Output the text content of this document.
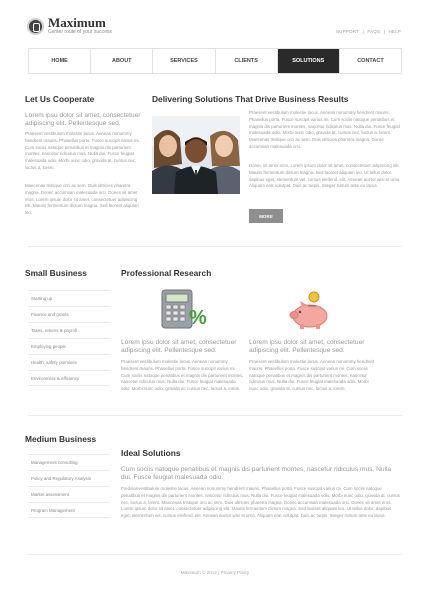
Maximum
Center route of your success	SUPPORT | FAQS | HELP
HOME	ABOUT	SERVICES	CLIENTS	SOLUTIONS	CONTACT
Let Us Cooperate
Lorem ipsu dolor sit amet, consectetuer adipiscing elit. Pellentesque sed.
Praesent vestibulum molestie lacus. Aenean nonummy hendrerit mauris. Phasellus porta. Fusce suscipit varius mi. Cum sociis natoque penatibus et magnis dis parturient montes, nascetur ridiculus mus. Nulla dui. Fusce feugiat malesuada odio. Morbi nunc odio, gravida at, cursus nec, luctus a, lorem.
Maecenas tristique orci ac sem. Duis ultricies pharetra magna. Donec accumsan malesuada orci. Donec sit amet eros. Lorem ipsum dolor sit amet, consectetuer adipiscing elit. Mauris fermentum dictum magna. Sed laoreet aliquam leo.
Delivering Solutions That Drive Business Results
Praesent vestibulum molestie lacus. Aenean nonummy hendrerit mauris. Phasellus porta. Fusce suscipit varius mi. Cum sociis natoque penatibus et magnis dis parturient montes, nascetur ridiculus mus. Nulla dui. Fusce feugiat malesuada odio. Morbi nunc odio, gravida at, cursus nec, luctus a, lorem. Maecenas tristique orci ac sem. Duis ultricies pharetra magna. Donec accumsan malesuada orci.
Donec sit amet eros. Lorem ipsum dolor sit amet, consectetuer adipiscing elit. Mauris fermentum dictum magna. Sed laoreet aliquam leo. Ut tellus dolor, dapibus eget, elementum vel, cursus eleifend, elit. Aenean auctor wisi et urna. Aliquam erat volutpat. Duis ac turpis. Integer rutrum ante eu lacus.
MORE
Small Business
Starting up
Finance and grants
Taxes, returns & payroll
Employing people
Health, safety premises
Environment & efficiency
Professional Research
%
Lorem ipsu dolor sit amet, consectetuer adipiscing elit. Pellentesque sed.
Praesent vestibulum molestie lacus. Aenean nonummy hendrerit mauris. Phasellus porta. Fusce suscipit varius mi. Cum sociis natoque penatibus et magnis dis parturient montes, nascetur ridiculus mus. Nulla dui. Fusce feugiat malesuada odio. Morbi nunc odio, gravida at, cursus nec, luctus a, lorem.
Lorem ipsu dolor sit amet, consectetuer adipiscing elit. Pellentesque sed.
Praesent vestibulum molestie lacus. Aenean nonummy hendrerit mauris. Phasellus porta. Fusce suscipit varius mi. Cum sociis natoque penatibus et magnis dis parturient montes, nascetur ridiculus mus. Nulla dui. Fusce feugiat malesuada odio. Morbi nunc odio, gravida at, cursus nec, luctus a, lorem.
Medium Business
Management consulting
Policy and Regulatory Analysis
Market assessment
Program Management
Ideal Solutions
Cum sociis natoque penatibus et magnis dis parturient montes, nascetur ridiculus mus. Nulla dui. Fusce feugiat malesuada odio.
Fredolonvestibulum molestie lacus. Aenean nonummy hendrerit mauris. Phasellus porta. Fusce suscipit varius mi. Cum sociis natoque penatibus et magnis dis parturient montes, nascetur ridiculus mus. Nulla dui. Fusce feugiat malesuada odio. Morbi nunc odio, gravida at, cursus nec, luctus a, lorem. Maecenas tristique orci ac sem. Duis ultricies pharetra magna. Donec accumsan malesuada orci. Donec sit amet eros. Lorem ipsum dolor sit amet, consectetuer adipiscing elit. Mauris fermentum dictum magna. Sed laoreet aliquam leo. Ut tellus dolor, dapibus eget, elementum vel, cursus eleifend, elit. Aenean auctor wisi et urna. Aliquam erat volutpat. Duis ac turpis. Integer rutrum ante eu lacus.
Maximum © 2012 | Privacy Policy
